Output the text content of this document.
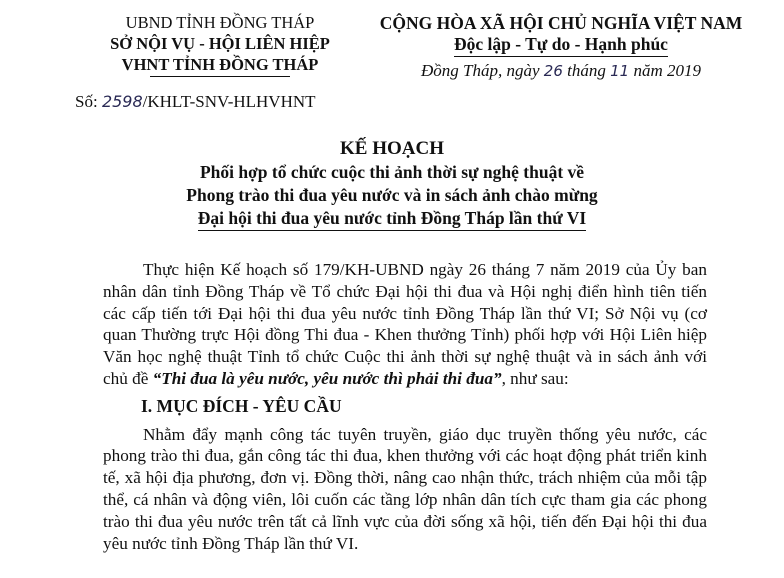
UBND TỈNH ĐỒNG THÁP
SỞ NỘI VỤ - HỘI LIÊN HIỆP
VHNT TỈNH ĐỒNG THÁP
CỘNG HÒA XÃ HỘI CHỦ NGHĨA VIỆT NAM
Độc lập - Tự do - Hạnh phúc
Đồng Tháp, ngày 26 tháng 11 năm 2019
Số: 2598/KHLT-SNV-HLHVHNT
KẾ HOẠCH
Phối hợp tổ chức cuộc thi ảnh thời sự nghệ thuật về
Phong trào thi đua yêu nước và in sách ảnh chào mừng
Đại hội thi đua yêu nước tỉnh Đồng Tháp lần thứ VI

Thực hiện Kế hoạch số 179/KH-UBND ngày 26 tháng 7 năm 2019 của Ủy ban nhân dân tỉnh Đồng Tháp về Tổ chức Đại hội thi đua và Hội nghị điển hình tiên tiến các cấp tiến tới Đại hội thi đua yêu nước tỉnh Đồng Tháp lần thứ VI; Sở Nội vụ (cơ quan Thường trực Hội đồng Thi đua - Khen thưởng Tỉnh) phối hợp với Hội Liên hiệp Văn học nghệ thuật Tỉnh tổ chức Cuộc thi ảnh thời sự nghệ thuật và in sách ảnh với chủ đề “Thi đua là yêu nước, yêu nước thì phải thi đua”, như sau:

I. MỤC ĐÍCH - YÊU CẦU

Nhằm đẩy mạnh công tác tuyên truyền, giáo dục truyền thống yêu nước, các phong trào thi đua, gắn công tác thi đua, khen thưởng với các hoạt động phát triển kinh tế, xã hội địa phương, đơn vị. Đồng thời, nâng cao nhận thức, trách nhiệm của mỗi tập thể, cá nhân và động viên, lôi cuốn các tầng lớp nhân dân tích cực tham gia các phong trào thi đua yêu nước trên tất cả lĩnh vực của đời sống xã hội, tiến đến Đại hội thi đua yêu nước tỉnh Đồng Tháp lần thứ VI.
